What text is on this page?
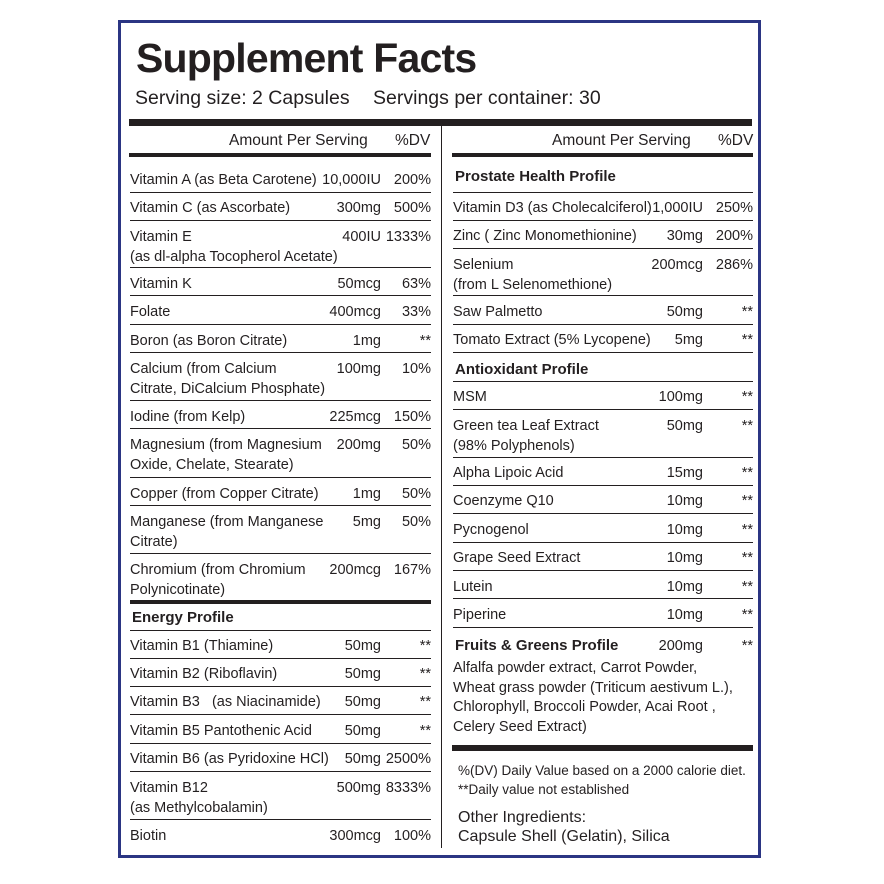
Supplement Facts
Serving size: 2 Capsules Servings per container: 30
Amount Per Serving %DV	Amount Per Serving %DV
Vitamin A (as Beta Carotene) 10,000IU 200%
Vitamin C (as Ascorbate)	300mg 500%
Vitamin E
(as dl-alpha Tocopherol Acetate)
400IU 1333%
Vitamin K	50mcg 63%
Folate	400mcg 33%
Boron (as Boron Citrate)	1mg	**
Calcium (from Calcium
Citrate, DiCalcium Phosphate)
100mg 10%
Iodine (from Kelp)	225mcg 150%
Magnesium (from Magnesium
Oxide, Chelate, Stearate)
200mg 50%
Copper (from Copper Citrate) 1mg 50%
Manganese (from Manganese
Citrate)
5mg 50%
Chromium (from Chromium
Polynicotinate)
200mcg 167%
Energy Profile
Vitamin B1 (Thiamine)	50mg	**
Vitamin B2 (Riboflavin)	50mg	**
Vitamin B3   (as Niacinamide) 50mg	**
Vitamin B5 Pantothenic Acid 50mg	**
Vitamin B6 (as Pyridoxine HCl) 50mg 2500%
Vitamin B12
(as Methylcobalamin)
500mg 8333%
Biotin	300mcg 100%
Prostate Health Profile
Vitamin D3 (as Cholecalciferol) 1,000IU 250%
Zinc ( Zinc Monomethionine) 30mg 200%
Selenium
(from L Selenomethione)
200mcg 286%
Saw Palmetto	50mg	**
Tomato Extract (5% Lycopene) 5mg	**
Antioxidant Profile
MSM	100mg	**
Green tea Leaf Extract
(98% Polyphenols)
50mg	**
Alpha Lipoic Acid	15mg	**
Coenzyme Q10	10mg	**
Pycnogenol	10mg	**
Grape Seed Extract	10mg	**
Lutein	10mg	**
Piperine	10mg	**
Fruits & Greens Profile	200mg	**
Alfalfa powder extract, Carrot Powder,
Wheat grass powder (Triticum aestivum L.),
Chlorophyll, Broccoli Powder, Acai Root ,
Celery Seed Extract)
%(DV) Daily Value based on a 2000 calorie diet.
**Daily value not established
Other Ingredients:
Capsule Shell (Gelatin), Silica
